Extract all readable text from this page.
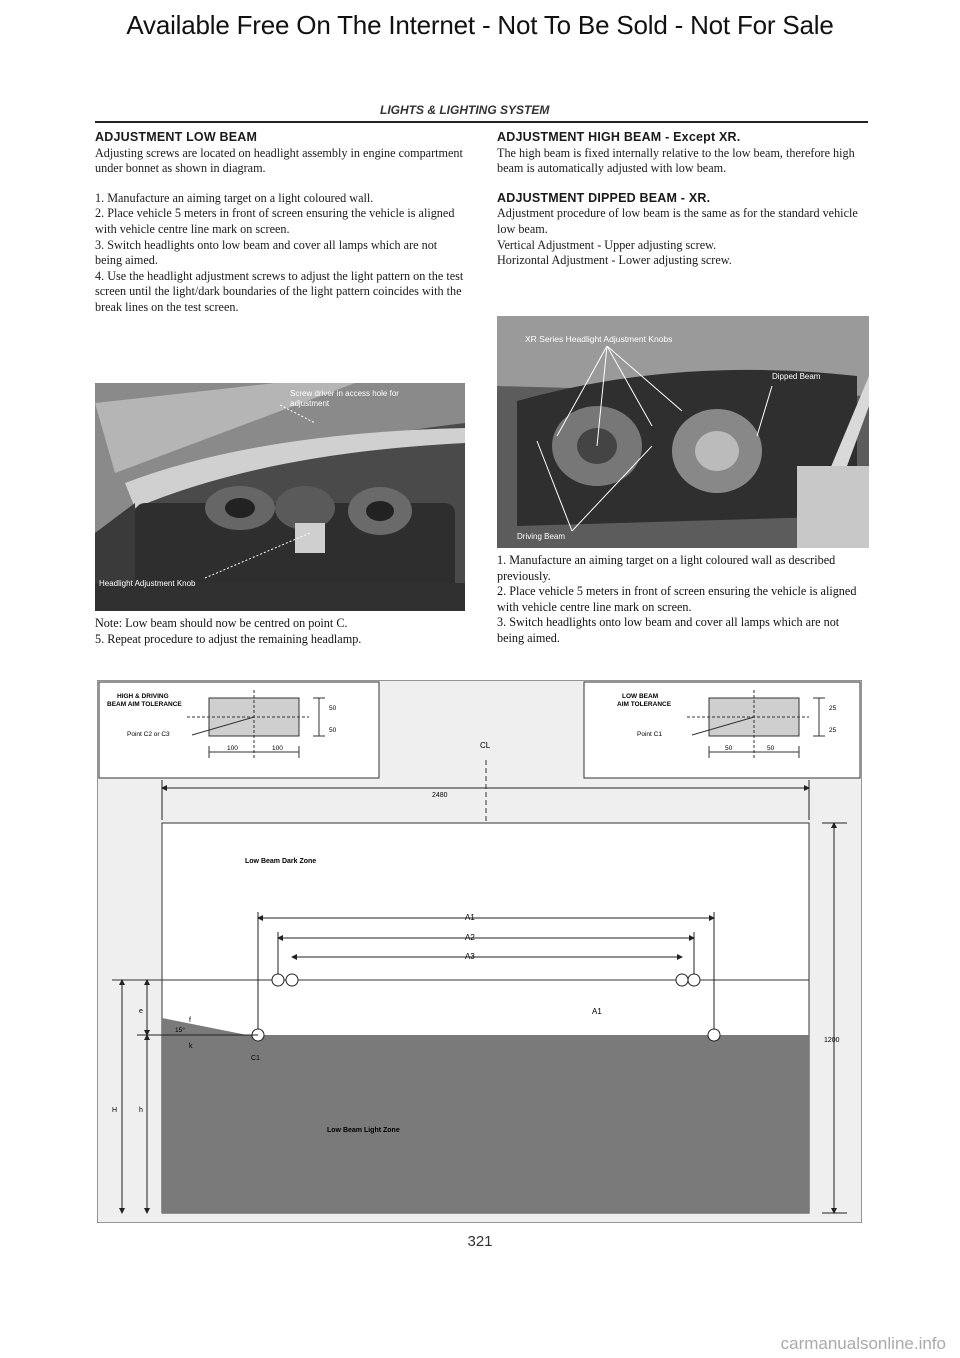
Available Free On The Internet - Not To Be Sold - Not For Sale
LIGHTS & LIGHTING SYSTEM
ADJUSTMENT LOW BEAM

Adjusting screws are located on headlight assembly in engine compartment under bonnet as shown in diagram.

1. Manufacture an aiming target on a light coloured wall.

2. Place vehicle 5 meters in front of screen ensuring the vehicle is aligned with vehicle centre line mark on screen.

3. Switch headlights onto low beam and cover all lamps which are not being aimed.

4. Use the headlight adjustment screws to adjust the light pattern on the test screen until the light/dark boundaries of the light pattern coincides with the break lines on the test screen.

Screw driver in access hole for adjustment
Headlight Adjustment Knob

Note: Low beam should now be centred on point C.

5. Repeat procedure to adjust the remaining headlamp.

ADJUSTMENT HIGH BEAM - Except XR.

The high beam is fixed internally relative to the low beam, therefore high beam is automatically adjusted with low beam.

ADJUSTMENT DIPPED BEAM - XR.

Adjustment procedure of low beam is the same as for the standard vehicle low beam.

Vertical Adjustment - Upper adjusting screw.

Horizontal Adjustment - Lower adjusting screw.

XR Series Headlight Adjustment Knobs
Dipped Beam
Driving Beam

1. Manufacture an aiming target on a light coloured wall as described previously.

2. Place vehicle 5 meters in front of screen ensuring the vehicle is aligned with vehicle centre line mark on screen.

3. Switch headlights onto low beam and cover all lamps which are not being aimed.

HIGH & DRIVING
BEAM AIM TOLERANCE
Point C2 or C3
50
50
100	100
LOW BEAM
AIM TOLERANCE
Point C1
25
25
50	50
CL
2480
1200
Low Beam Dark Zone
Low Beam Light Zone
A1
A2
A3
A1
C1
15°
e
f
k
H	h
321
carmanualsonline.info
